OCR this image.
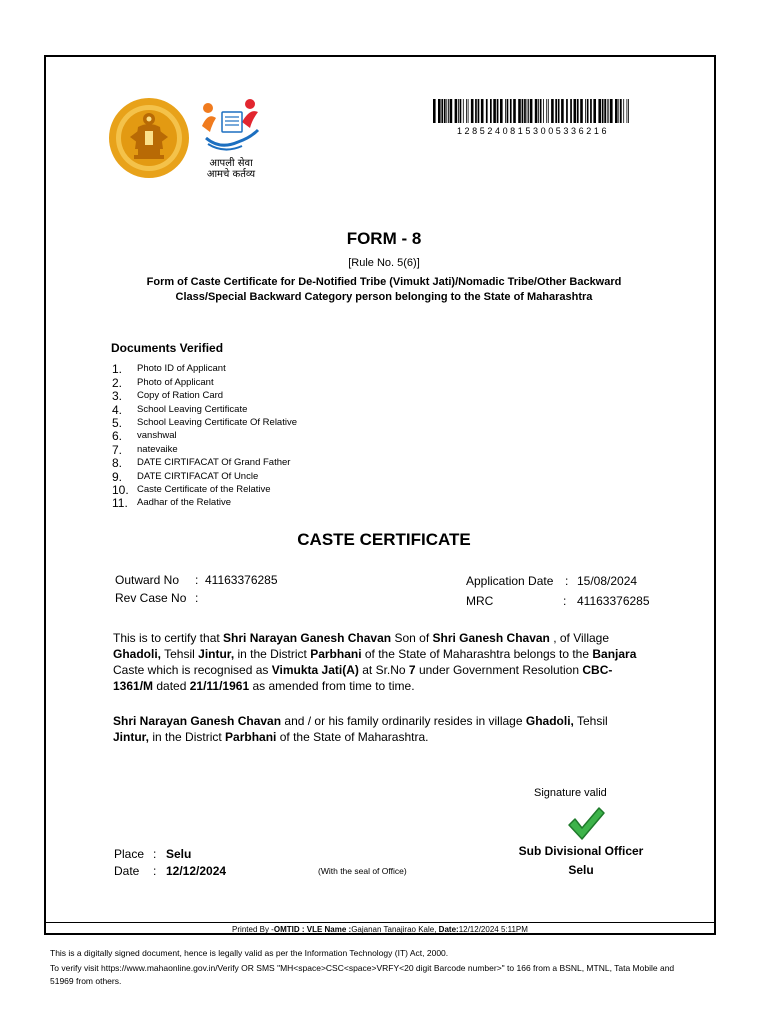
आपली सेवा
आमचे कर्तव्य
12852408153005336216
FORM - 8
[Rule No. 5(6)]
Form of Caste Certificate for De-Notified Tribe (Vimukt Jati)/Nomadic Tribe/Other Backward Class/Special Backward Category person belonging to the State of Maharashtra
Documents Verified
1.	Photo ID of Applicant
2.	Photo of Applicant
3.	Copy of Ration Card
4.	School Leaving Certificate
5.	School Leaving Certificate Of Relative
6.	vanshwal
7.	natevaike
8.	DATE CIRTIFACAT Of Grand Father
9.	DATE CIRTIFACAT Of Uncle
10. Caste Certificate of the Relative
11. Aadhar of the Relative
CASTE CERTIFICATE
Outward No : 41163376285
Rev Case No :
Application Date : 15/08/2024
MRC	: 41163376285
This is to certify that Shri Narayan Ganesh Chavan Son of Shri Ganesh Chavan , of Village
Ghadoli, Tehsil Jintur, in the District Parbhani of the State of Maharashtra belongs to the Banjara
Caste which is recognised as Vimukta Jati(A) at Sr.No 7 under Government Resolution CBC-
1361/M dated 21/11/1961 as amended from time to time.
Shri Narayan Ganesh Chavan and / or his family ordinarily resides in village Ghadoli, Tehsil
Jintur, in the District Parbhani of the State of Maharashtra.
Signature valid
Sub Divisional Officer
Selu
Place : Selu
Date : 12/12/2024	(With the seal of Office)
Printed By -OMTID : VLE Name :Gajanan Tanajirao Kale, Date:12/12/2024 5:11PM
This is a digitally signed document, hence is legally valid as per the Information Technology (IT) Act, 2000.
To verify visit https://www.mahaonline.gov.in/Verify OR SMS "MH<space>CSC<space>VRFY<20 digit Barcode number>" to 166 from a BSNL, MTNL, Tata Mobile and
51969 from others.
